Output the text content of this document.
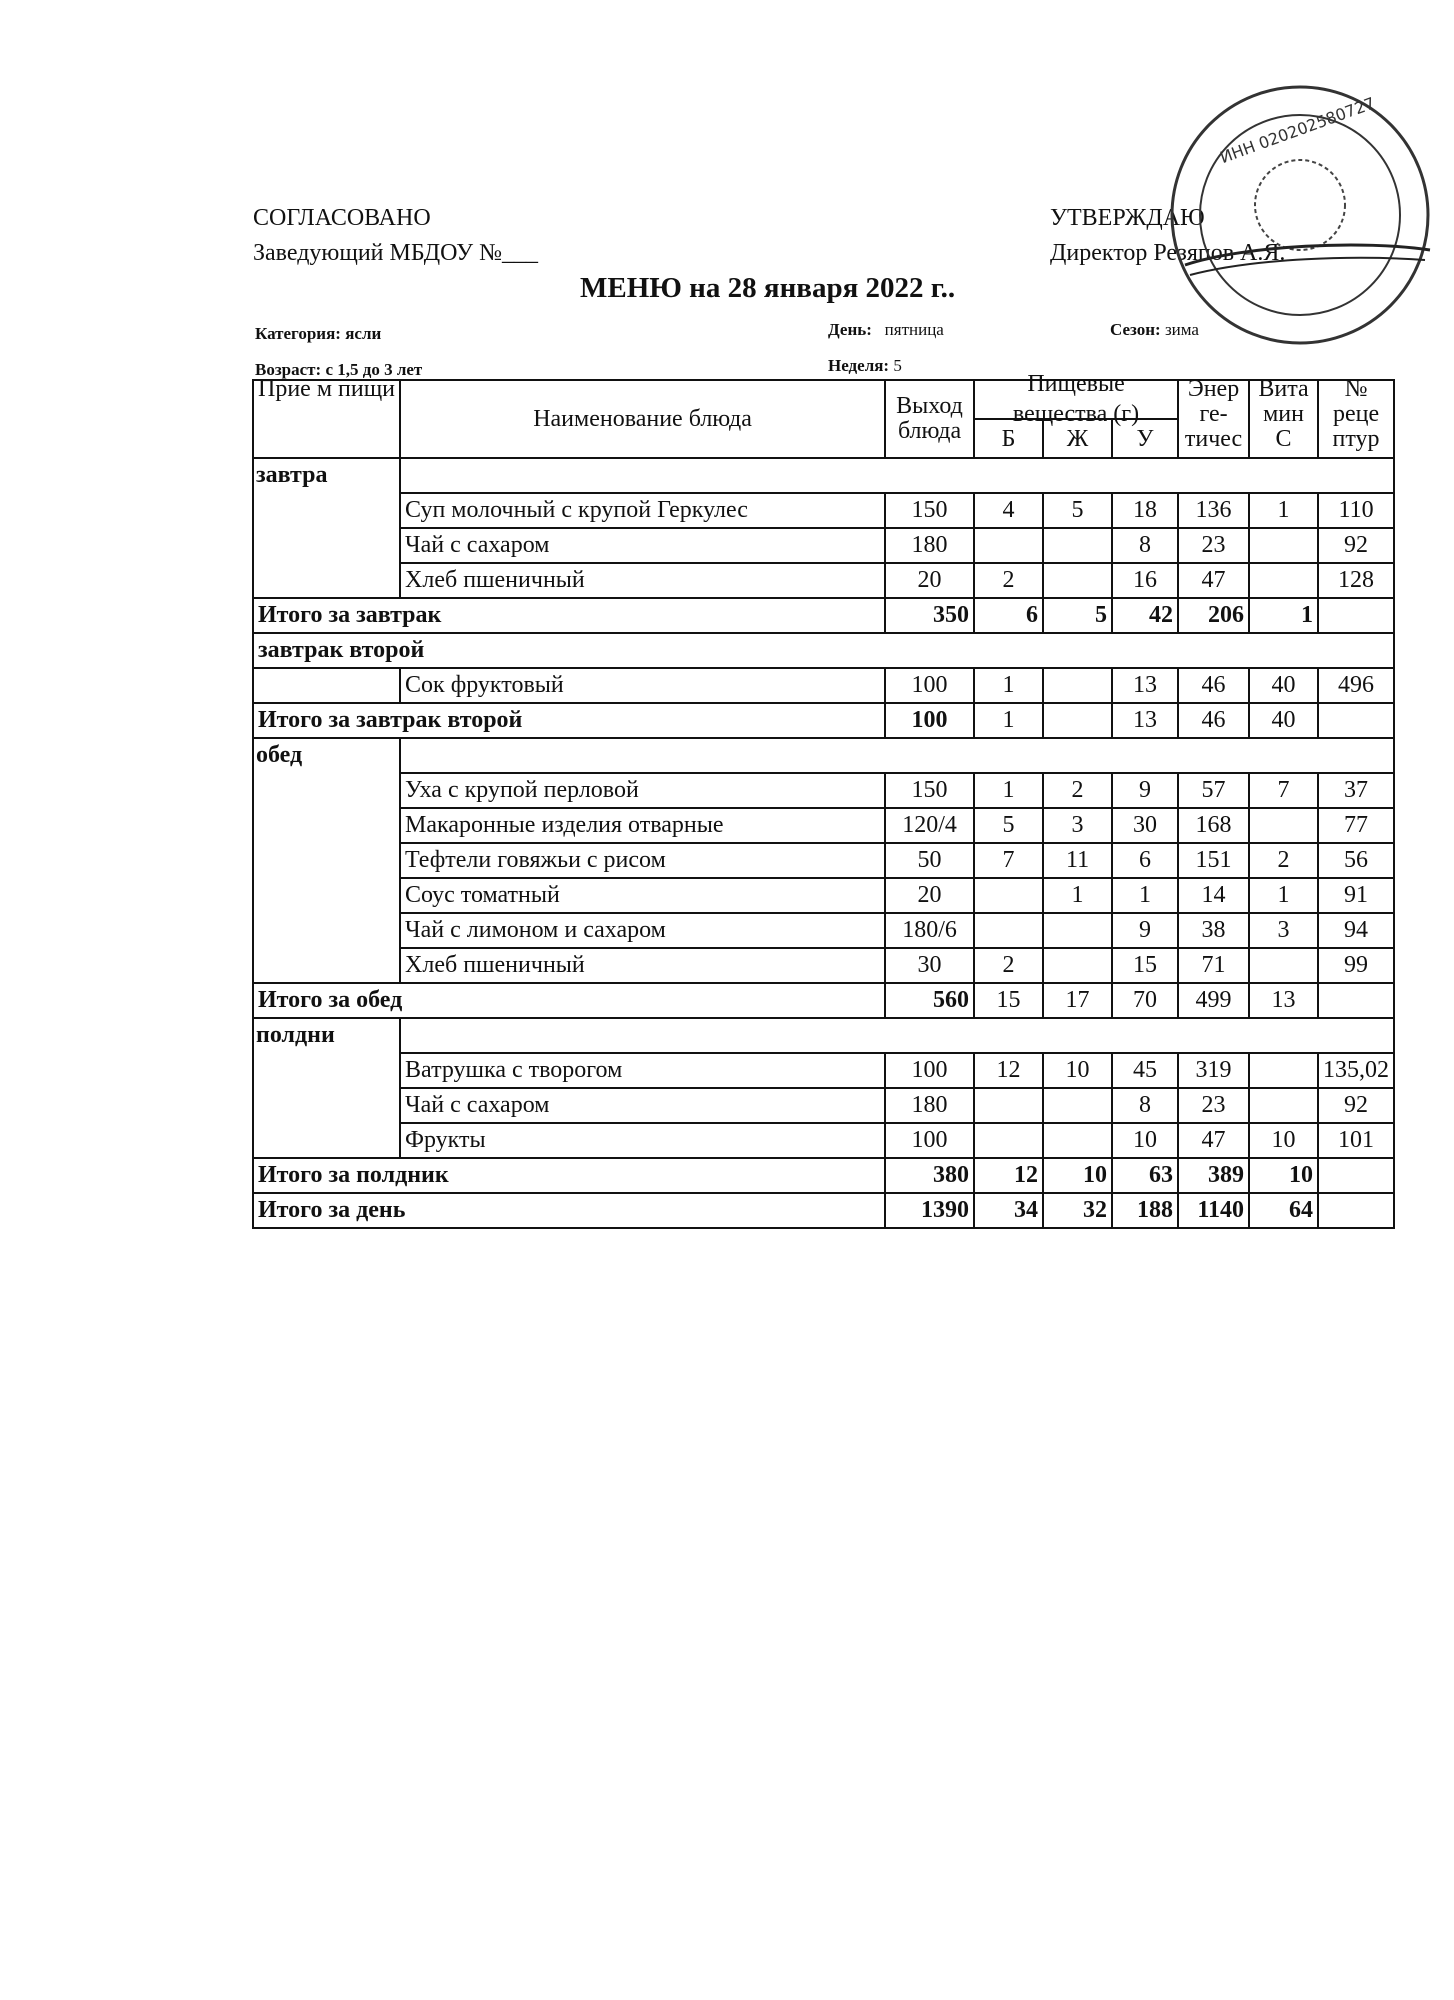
СОГЛАСОВАНО
Заведующий МБДОУ №___
УТВЕРЖДАЮ
Директор Резяпов А.Я.
МЕНЮ на 28 января 2022 г..
Категория: ясли	День: пятница	Сезон: зима
Возраст: с 1,5 до 3 лет	Неделя: 5
ИНН 020202580727
Прие м пищи	Наименование блюда	Выход блюда	Пищевые вещества (г)			Энер ге- тичес	Вита мин С	№ реце птур

			Б	Ж	У			
завтра								
	Суп молочный с крупой Геркулес	150	4	5	18	136	1	110
	Чай с сахаром	180			8	23		92
	Хлеб пшеничный	20	2		16	47		128
Итого за завтрак		350	6	5	42	206	1	
завтрак второй								
	Сок фруктовый	100	1		13	46	40	496
Итого за завтрак второй		100	1		13	46	40	
обед								
	Уха с крупой перловой	150	1	2	9	57	7	37
	Макаронные изделия отварные	120/4	5	3	30	168		77
	Тефтели говяжьи с рисом	50	7	11	6	151	2	56
	Соус томатный	20		1	1	14	1	91
	Чай с лимоном и сахаром	180/6			9	38	3	94
	Хлеб пшеничный	30	2		15	71		99
Итого за обед		560	15	17	70	499	13	
полдни								
	Ватрушка с творогом	100	12	10	45	319		135,02
	Чай с сахаром	180			8	23		92
	Фрукты	100			10	47	10	101
Итого за полдник		380	12	10	63	389	10	
Итого за день		1390	34	32	188	1140	64	
